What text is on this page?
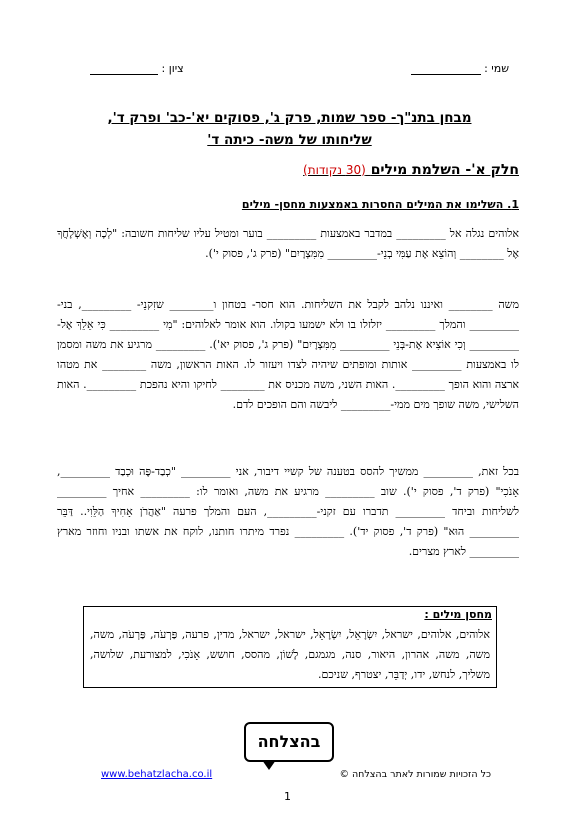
שמי :
ציון :
מבחן בתנ"ך- ספר שמות, פרק ג', פסוקים יא'-כב' ופרק ד',
שליחותו של משה- כיתה ד'
חלק א'- השלמת מילים (30 נקודות)
1. השלימו את המילים החסרות באמצעות מחסן- מילים
אלוהים נגלה אל _________ במדבר באמצעות _________ בוער ומטיל עליו שליחות חשובה: "לְכָה וְאֶשְׁלָחֲךָ אֶל ________ וְהוֹצֵא אֶת עַמִּי בְנֵי-_________ מִמִּצְרָיִם" (פרק ג', פסוק י').
משה ________ ואיננו נלהב לקבל את השליחות. הוא חסר- בטחון ו________ שזִקנֵי- _________, בני- _________ והמלך _________ יזלזלו בו ולא ישמעו בקולו. הוא אומר לאלוהים: "מִי _________ כִּי אֵלֵךְ אֶל- _________ וְכִי אוֹצִיא אֶת-בְּנֵי _________ מִמִּצְרָיִם" (פרק ג', פסוק יא'). _________ מרגיע את משה ומסמן לו באמצעות _________ אותות ומופתים שיהיה לצדו ויעזור לו. האות הראשון, משה ________ את מטהו ארצה והוא הופך _________. האות השני, משה מכניס את ________ לחיקו והיא נהפכת _________. האות השלישי, משה שופך מים ממי-_________ ליבשה והם הופכים לדם.
בכל זאת, _________ ממשיך להסס בטענה של קשיי דיבור, אני _________ "כְבַד-פֶּה וּכְבַד _________, אָנֹכִי" (פרק ד', פסוק י'). שוב _________ מרגיע את משה, ואומר לו: _________ אחיך _________ לשליחות וביחד _________ תדברו עם זקני-_________, העם והמלך פרעה "אַהֲרֹן אָחִיךָ הַלֵּוִי.. דַּבֵּר _________ הוּא" (פרק ד', פסוק יד'). _________ נפרד מיתרו חותנו, לוקח את אשתו ובניו וחוזר מארץ _________ לארץ מצרים.
מחסן מילים :
אלוהים, אלוהים, ישראל, יִשְׂרָאֵל, יִשְׂרָאֵל, ישראל, ישראל, מדין, פרעה, פַּרְעֹה, פַּרְעֹה, משה, משה, משה, אהרון, היאור, סנה, מגמגם, לָשׁוֹן, מהסס, חושש, אָנֹכִי, למצורעת, שלושה, משליך, לנחש, ידו, יְדַבֵּר, יצטרף, שניכם.
בהצלחה
www.behatzlacha.co.il	כל הזכויות שמורות לאתר בהצלחה ©
1
